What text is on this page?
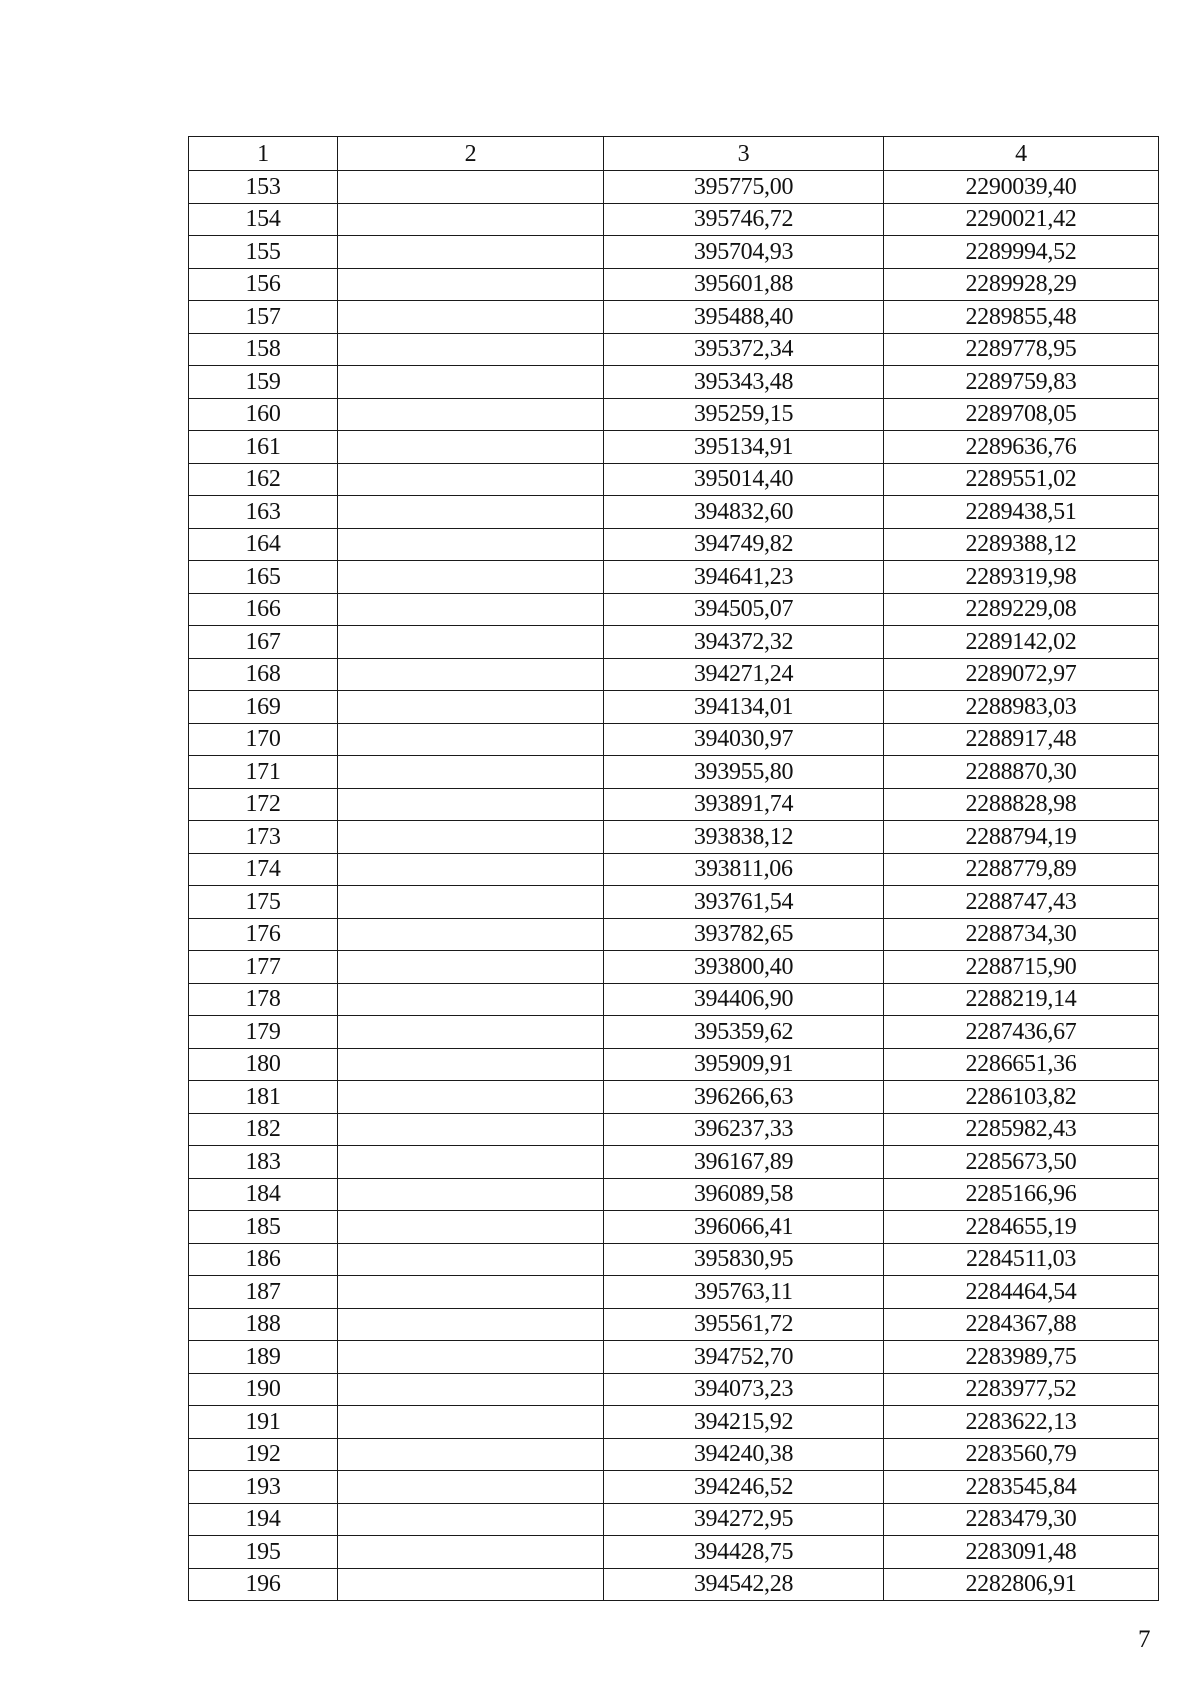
1	2	3	4
153		395775,00	2290039,40
154		395746,72	2290021,42
155		395704,93	2289994,52
156		395601,88	2289928,29
157		395488,40	2289855,48
158		395372,34	2289778,95
159		395343,48	2289759,83
160		395259,15	2289708,05
161		395134,91	2289636,76
162		395014,40	2289551,02
163		394832,60	2289438,51
164		394749,82	2289388,12
165		394641,23	2289319,98
166		394505,07	2289229,08
167		394372,32	2289142,02
168		394271,24	2289072,97
169		394134,01	2288983,03
170		394030,97	2288917,48
171		393955,80	2288870,30
172		393891,74	2288828,98
173		393838,12	2288794,19
174		393811,06	2288779,89
175		393761,54	2288747,43
176		393782,65	2288734,30
177		393800,40	2288715,90
178		394406,90	2288219,14
179		395359,62	2287436,67
180		395909,91	2286651,36
181		396266,63	2286103,82
182		396237,33	2285982,43
183		396167,89	2285673,50
184		396089,58	2285166,96
185		396066,41	2284655,19
186		395830,95	2284511,03
187		395763,11	2284464,54
188		395561,72	2284367,88
189		394752,70	2283989,75
190		394073,23	2283977,52
191		394215,92	2283622,13
192		394240,38	2283560,79
193		394246,52	2283545,84
194		394272,95	2283479,30
195		394428,75	2283091,48
196		394542,28	2282806,91
7
